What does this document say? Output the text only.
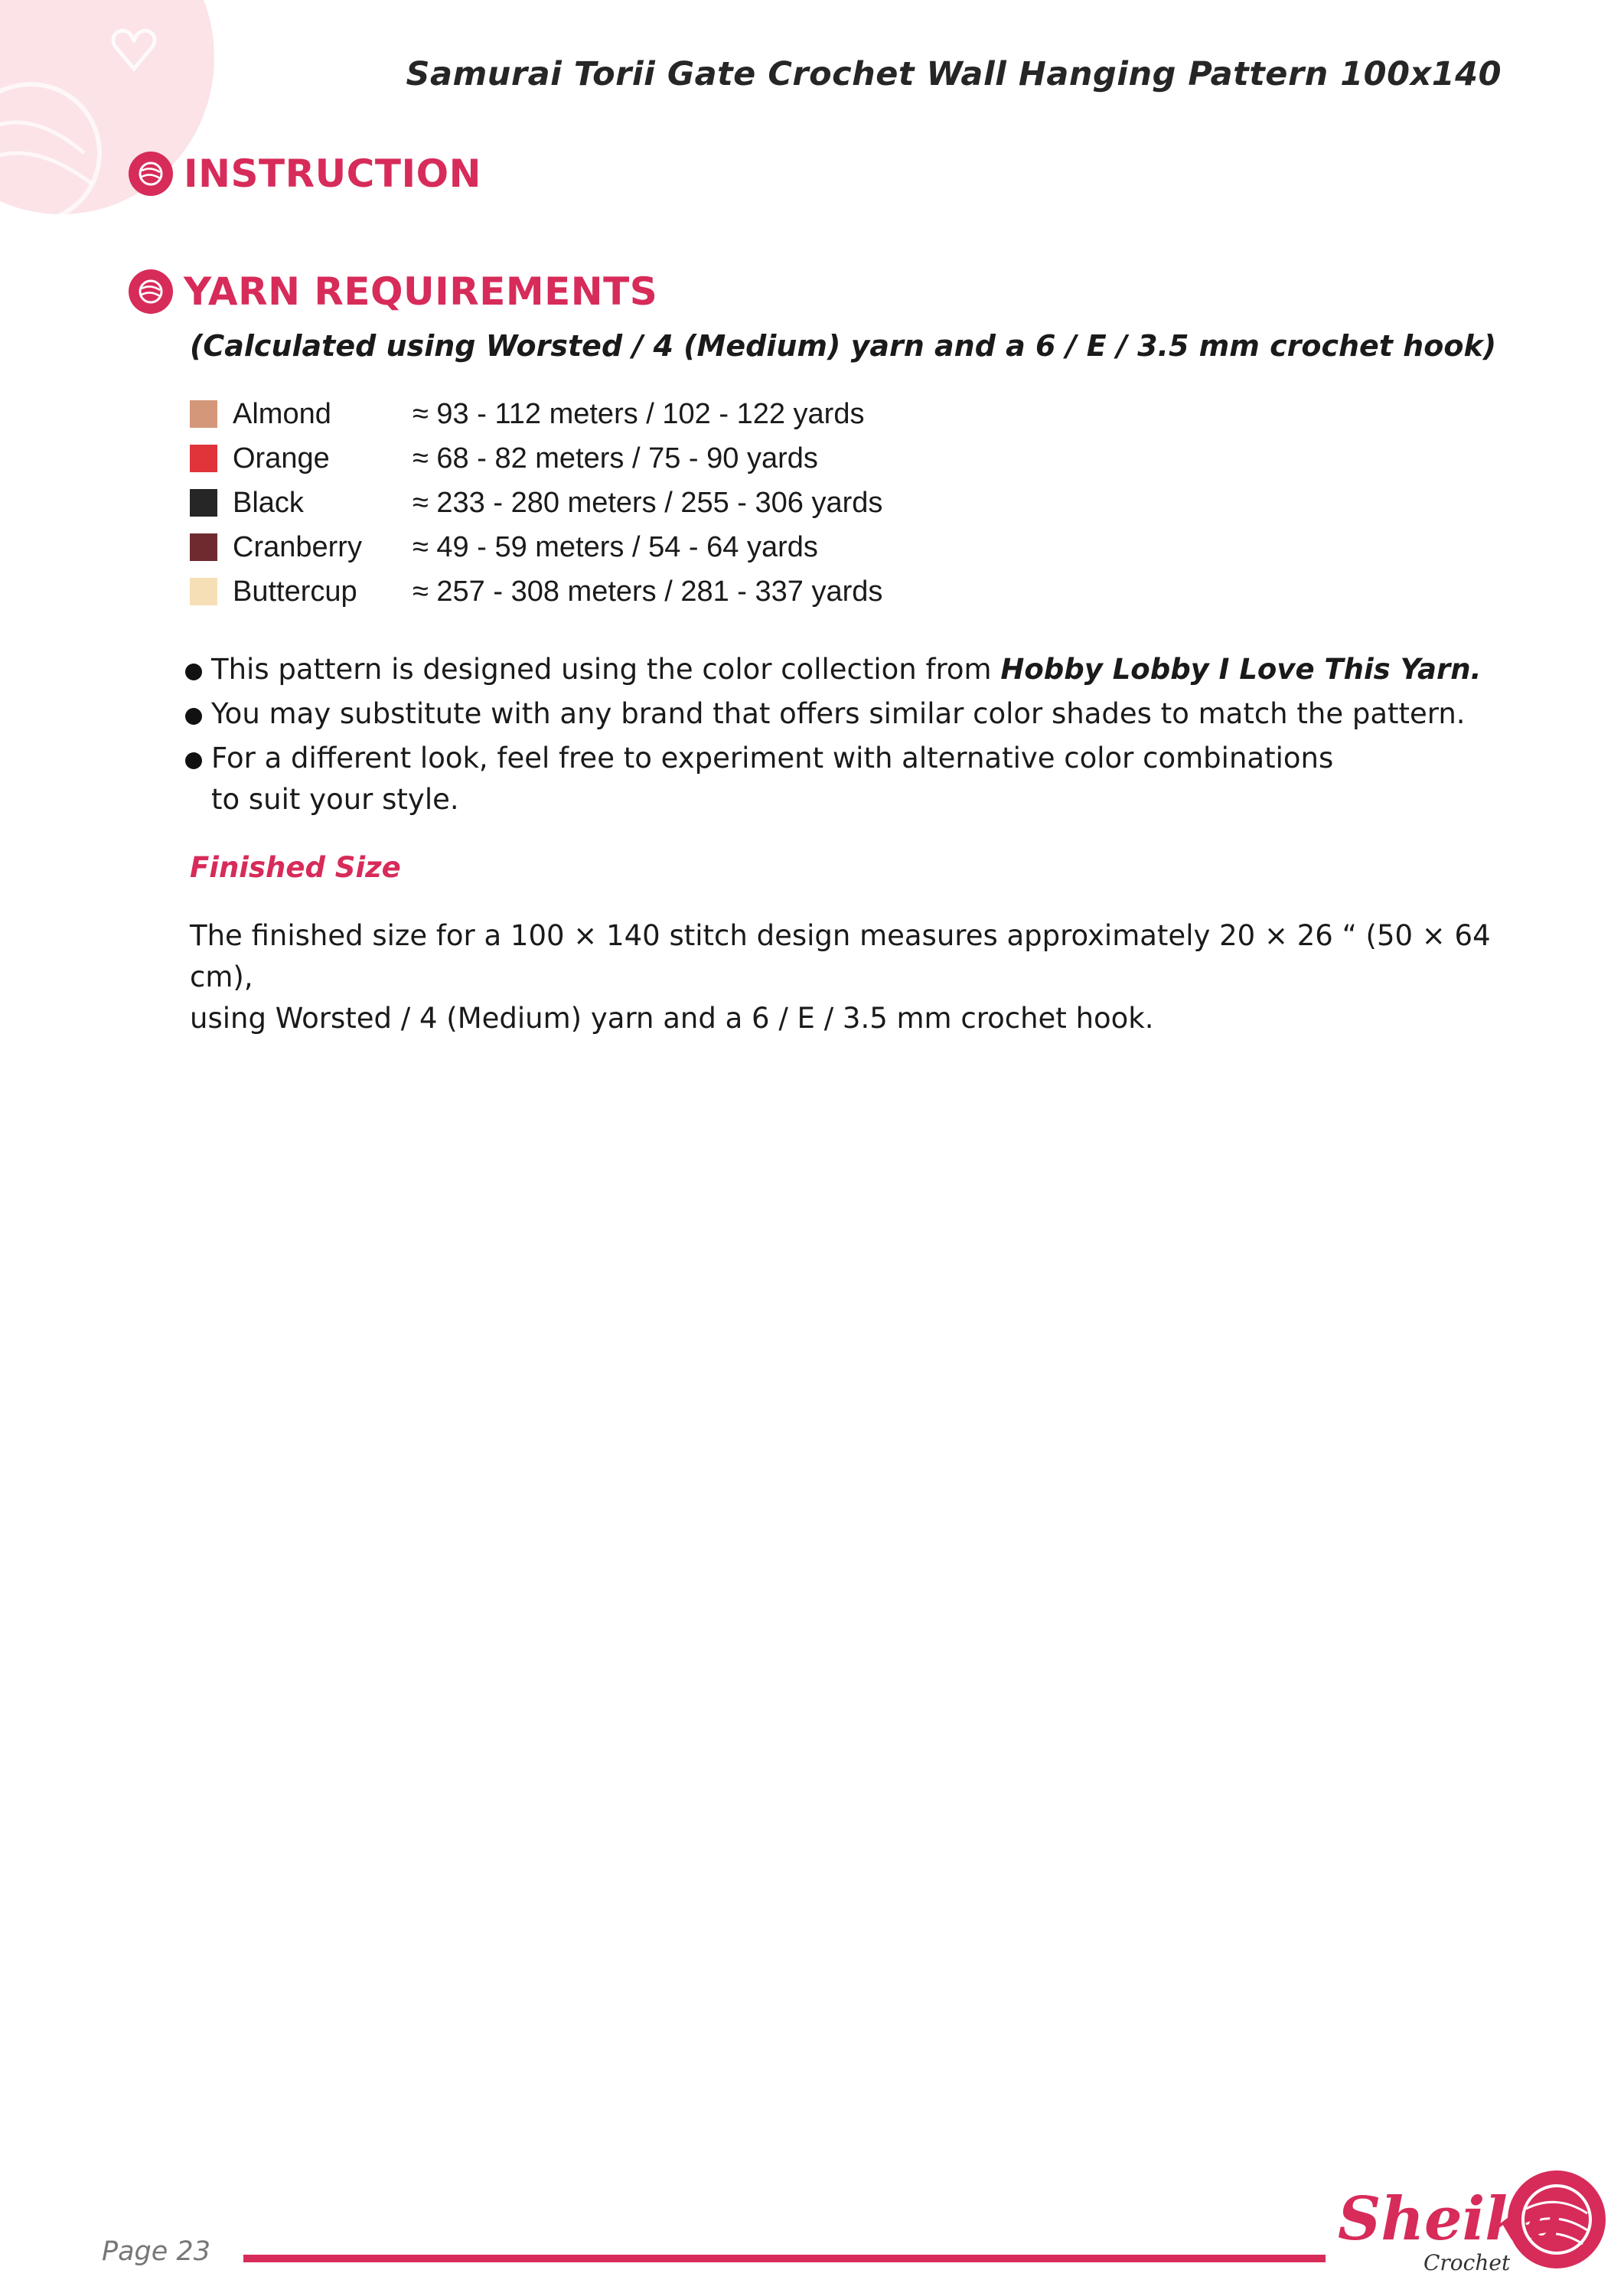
Samurai Torii Gate Crochet Wall Hanging Pattern 100x140
INSTRUCTION
YARN REQUIREMENTS

(Calculated using Worsted / 4 (Medium) yarn and a 6 / E / 3.5 mm crochet hook)

Almond	≈ 93 - 112 meters / 102 - 122 yards
Orange	≈ 68 - 82 meters / 75 - 90 yards
Black	≈ 233 - 280 meters / 255 - 306 yards
Cranberry	≈ 49 - 59 meters / 54 - 64 yards
Buttercup	≈ 257 - 308 meters / 281 - 337 yards
This pattern is designed using the color collection from Hobby Lobby I Love This Yarn.
You may substitute with any brand that offers similar color shades to match the pattern.
For a different look, feel free to experiment with alternative color combinations
to suit your style.
Finished Size

The finished size for a 100 × 140 stitch design measures approximately 20 × 26 “ (50 × 64 cm),
using Worsted / 4 (Medium) yarn and a 6 / E / 3.5 mm crochet hook.

Page 23	Sheika
Crochet
